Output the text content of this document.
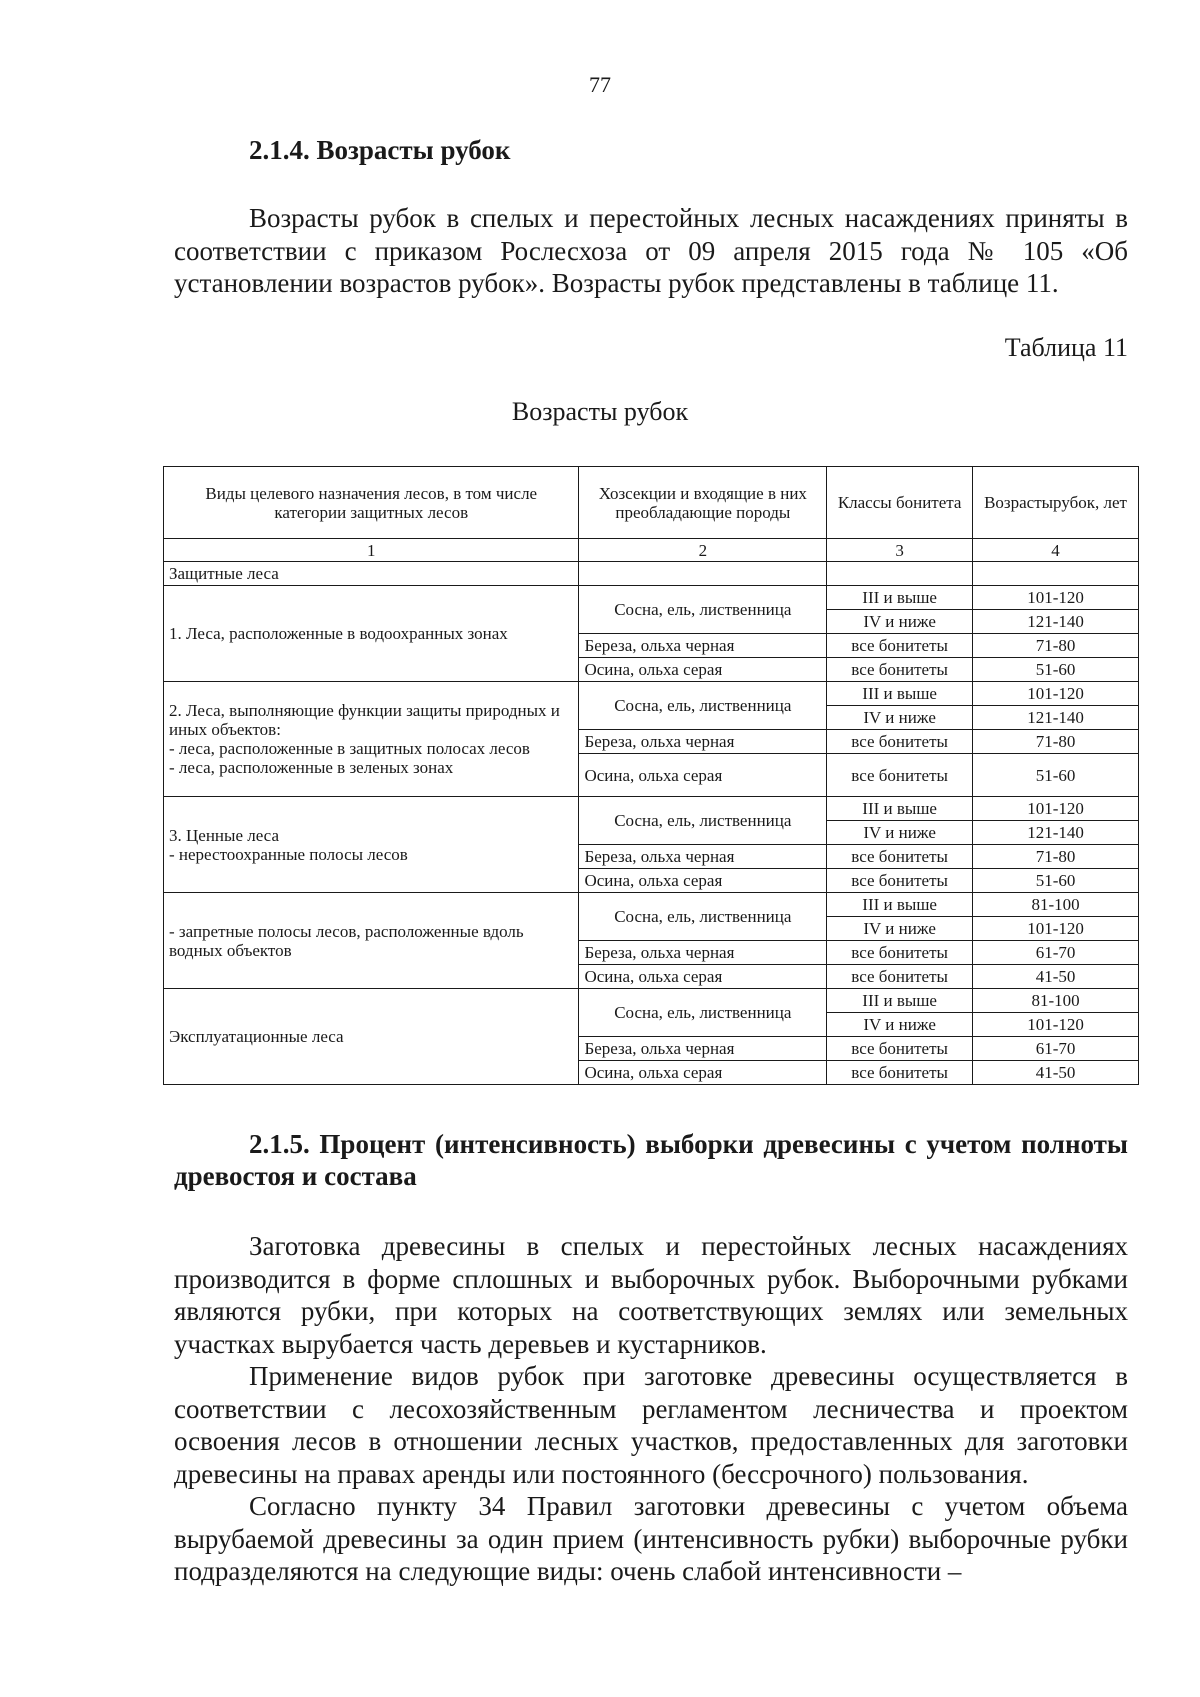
77
2.1.4. Возрасты рубок
Возрасты рубок в спелых и перестойных лесных насаждениях приняты в соответствии с приказом Рослесхоза от 09 апреля 2015 года № 105 «Об установлении возрастов рубок». Возрасты рубок представлены в таблице 11.
Таблица 11
Возрасты рубок
Виды целевого назначения лесов, в том числе категории защитных лесов	Хозсекции и входящие в них преобладающие породы	Классы бонитета	Возрастырубок, лет
1	2	3	4
Защитные леса			

1. Леса, расположенные в водоохранных зонах	Сосна, ель, лиственница	III и выше	101-120
		IV и ниже	121-140
	Береза, ольха черная	все бонитеты	71-80
	Осина, ольха серая	все бонитеты	51-60

2. Леса, выполняющие функции защиты природных и иных объектов:
- леса, расположенные в защитных полосах лесов
- леса, расположенные в зеленых зонах	Сосна, ель, лиственница	III и выше	101-120
		IV и ниже	121-140
	Береза, ольха черная	все бонитеты	71-80
	Осина, ольха серая	все бонитеты	51-60

3. Ценные леса
- нерестоохранные полосы лесов	Сосна, ель, лиственница	III и выше	101-120
		IV и ниже	121-140
	Береза, ольха черная	все бонитеты	71-80
	Осина, ольха серая	все бонитеты	51-60

- запретные полосы лесов, расположенные вдоль водных объектов	Сосна, ель, лиственница	III и выше	81-100
		IV и ниже	101-120
	Береза, ольха черная	все бонитеты	61-70
	Осина, ольха серая	все бонитеты	41-50

Эксплуатационные леса	Сосна, ель, лиственница	III и выше	81-100
		IV и ниже	101-120
	Береза, ольха черная	все бонитеты	61-70
	Осина, ольха серая	все бонитеты	41-50
2.1.5. Процент (интенсивность) выборки древесины с учетом полноты древостоя и состава
Заготовка древесины в спелых и перестойных лесных насаждениях производится в форме сплошных и выборочных рубок. Выборочными рубками являются рубки, при которых на соответствующих землях или земельных участках вырубается часть деревьев и кустарников.
Применение видов рубок при заготовке древесины осуществляется в соответствии с лесохозяйственным регламентом лесничества и проектом освоения лесов в отношении лесных участков, предоставленных для заготовки древесины на правах аренды или постоянного (бессрочного) пользования.
Согласно пункту 34 Правил заготовки древесины с учетом объема вырубаемой древесины за один прием (интенсивность рубки) выборочные рубки подразделяются на следующие виды: очень слабой интенсивности –
